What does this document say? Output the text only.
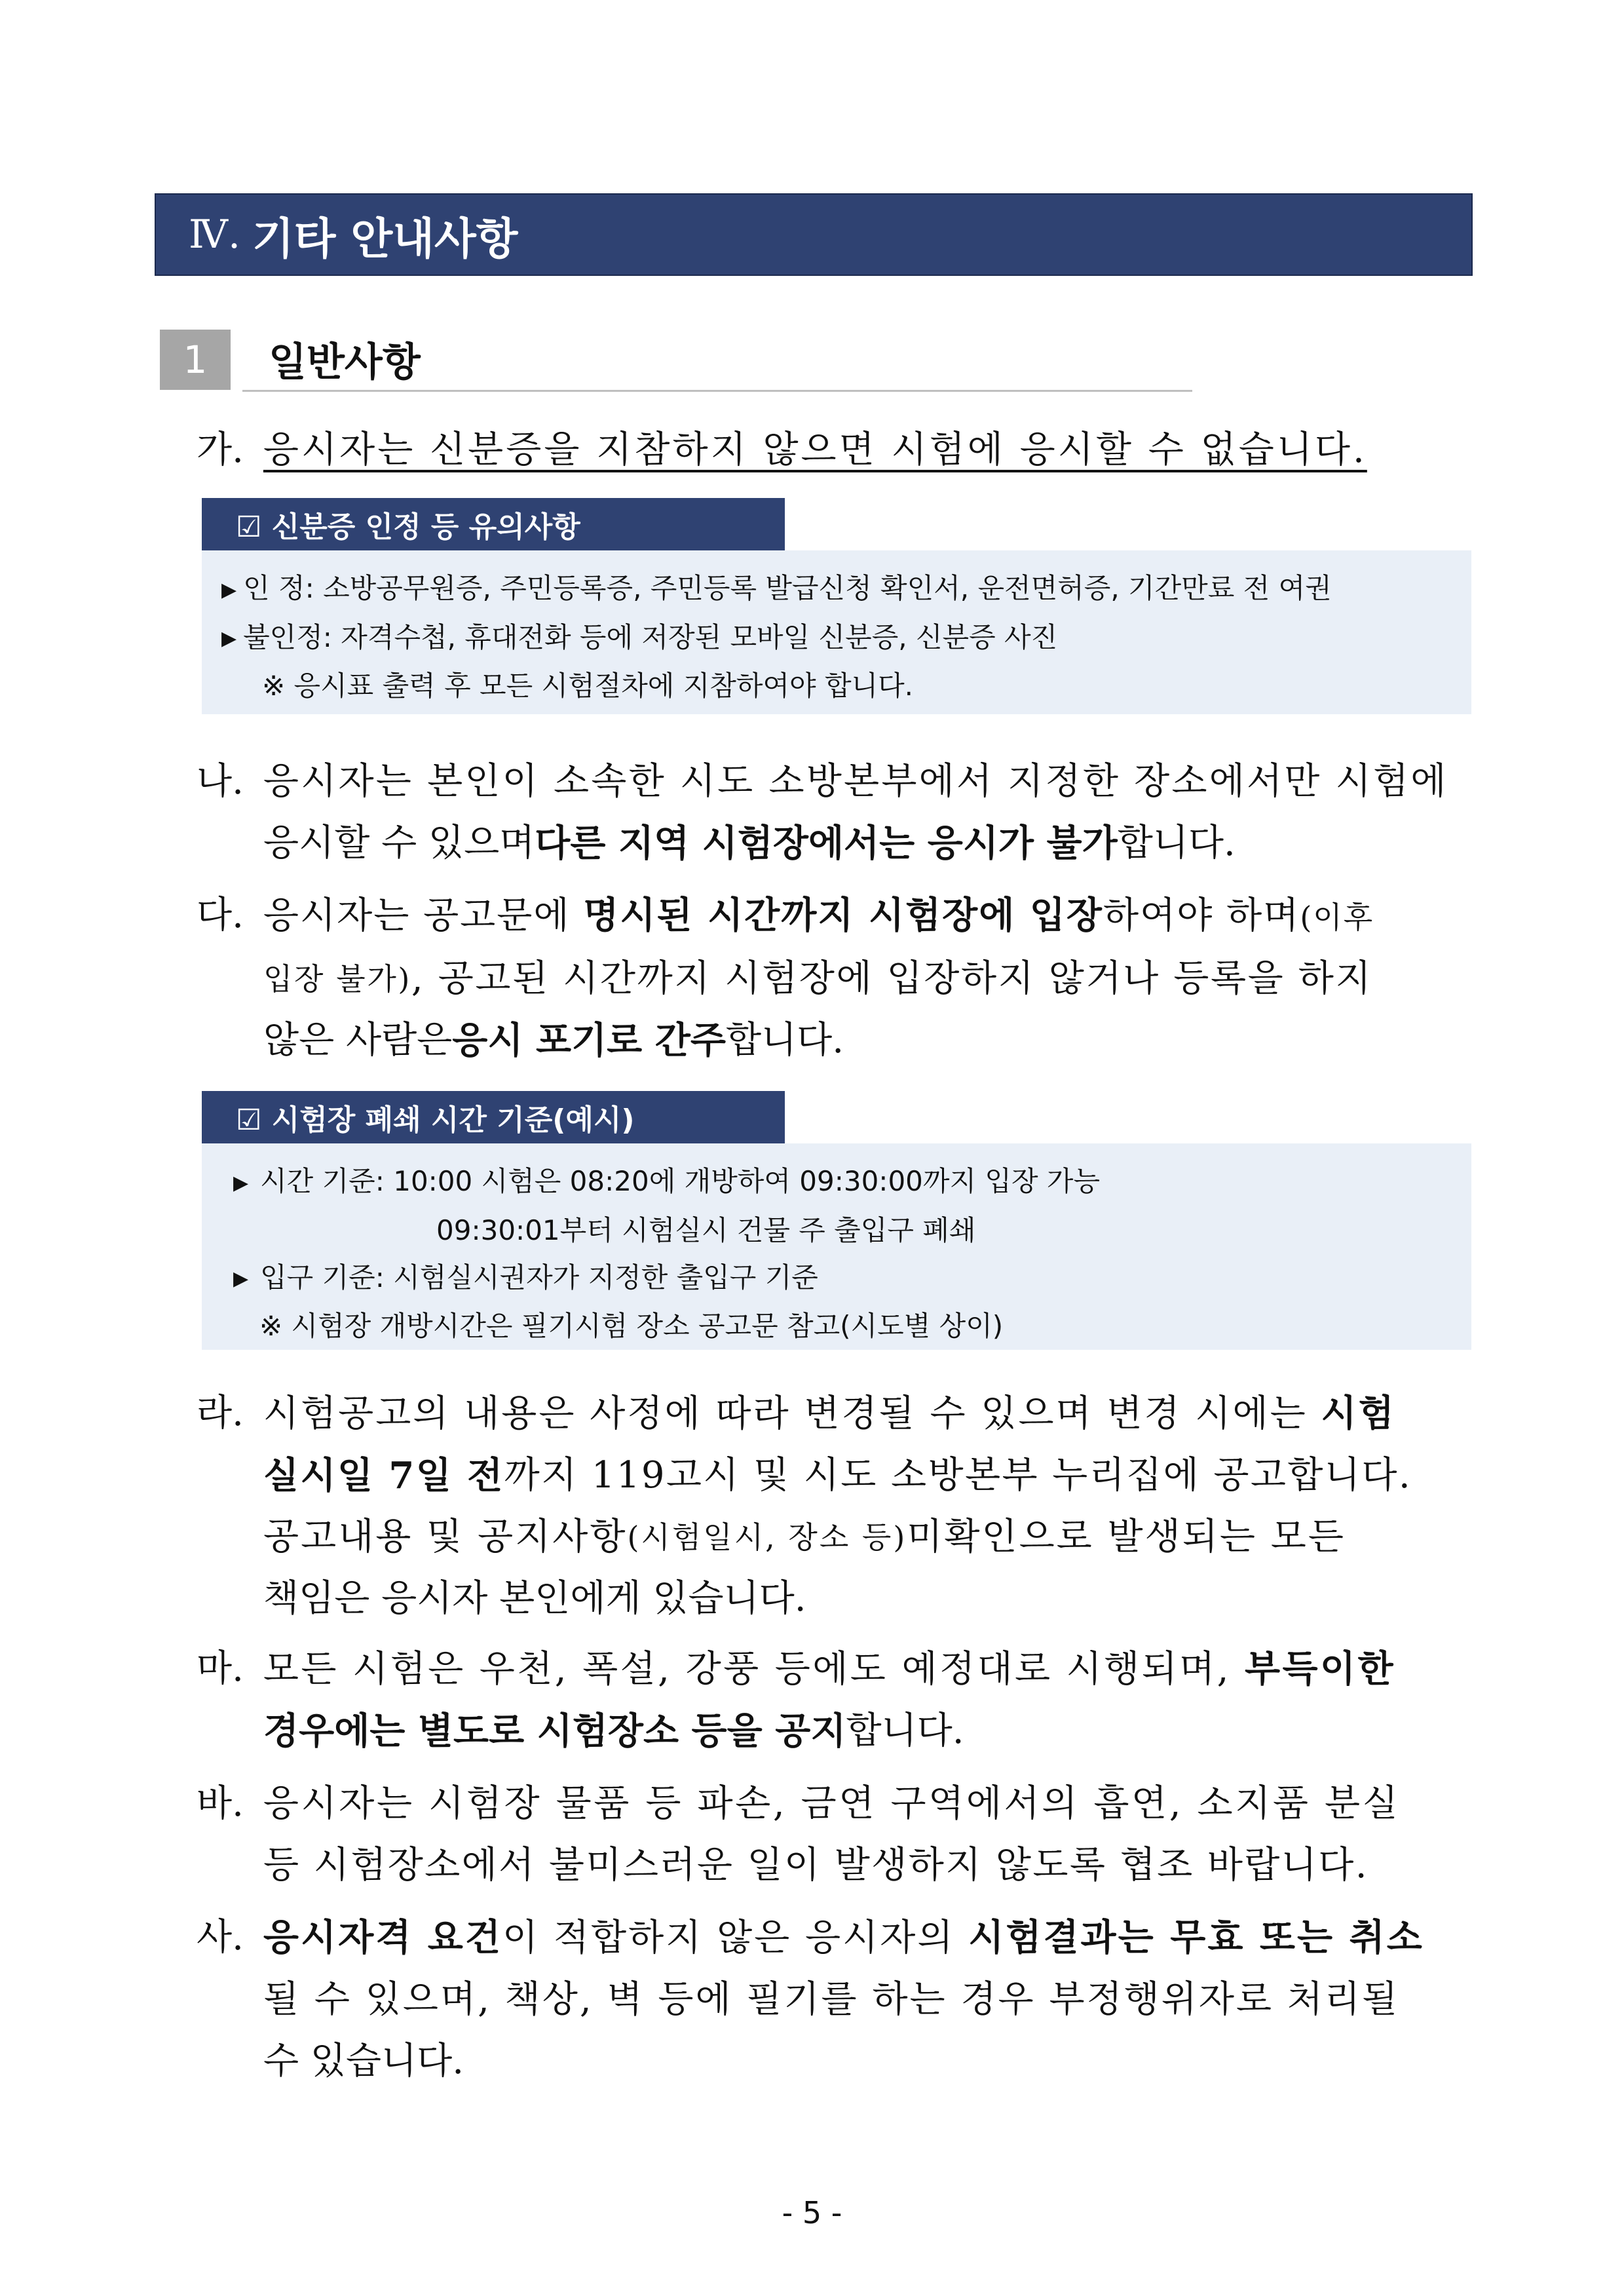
Ⅳ. 기타 안내사항
1	일반사항
가. 응시자는 신분증을 지참하지 않으면 시험에 응시할 수 없습니다.
☑ 신분증 인정 등 유의사항
▶ 인 정: 소방공무원증, 주민등록증, 주민등록 발급신청 확인서, 운전면허증, 기간만료 전 여권
▶ 불인정: 자격수첩, 휴대전화 등에 저장된 모바일 신분증, 신분증 사진
※ 응시표 출력 후 모든 시험절차에 지참하여야 합니다.
나. 응시자는 본인이 소속한 시도 소방본부에서 지정한 장소에서만 시험에
응시할 수 있으며 다른 지역 시험장에서는 응시가 불가 합니다.
다. 응시자는 공고문에 명시된 시간까지 시험장에 입장하여야 하며(이후
입장 불가) , 공고된 시간까지 시험장에 입장하지 않거나 등록을 하지
않은 사람은 응시 포기로 간주 합니다.
☑ 시험장 폐쇄 시간 기준(예시)
▶ 시간 기준: 10:00 시험은 08:20에 개방하여 09:30:00까지 입장 가능
09:30:01부터 시험실시 건물 주 출입구 폐쇄
▶ 입구 기준: 시험실시권자가 지정한 출입구 기준
※ 시험장 개방시간은 필기시험 장소 공고문 참고(시도별 상이)
라. 시험공고의 내용은 사정에 따라 변경될 수 있으며 변경 시에는 시험
실시일 7일 전 까지 119고시 및 시도 소방본부 누리집에 공고합니다.
공고내용 및 공지사항 (시험일시, 장소 등) 미확인으로 발생되는 모든
책임은 응시자 본인에게 있습니다.
마. 모든 시험은 우천, 폭설, 강풍 등에도 예정대로 시행되며, 부득이한
경우에는 별도로 시험장소 등을 공지 합니다.
바. 응시자는 시험장 물품 등 파손, 금연 구역에서의 흡연, 소지품 분실
등 시험장소에서 불미스러운 일이 발생하지 않도록 협조 바랍니다.
사. 응시자격 요건이 적합하지 않은 응시자의 시험결과는 무효 또는 취소
될 수 있으며, 책상, 벽 등에 필기를 하는 경우 부정행위자로 처리될
수 있습니다.
- 5 -
